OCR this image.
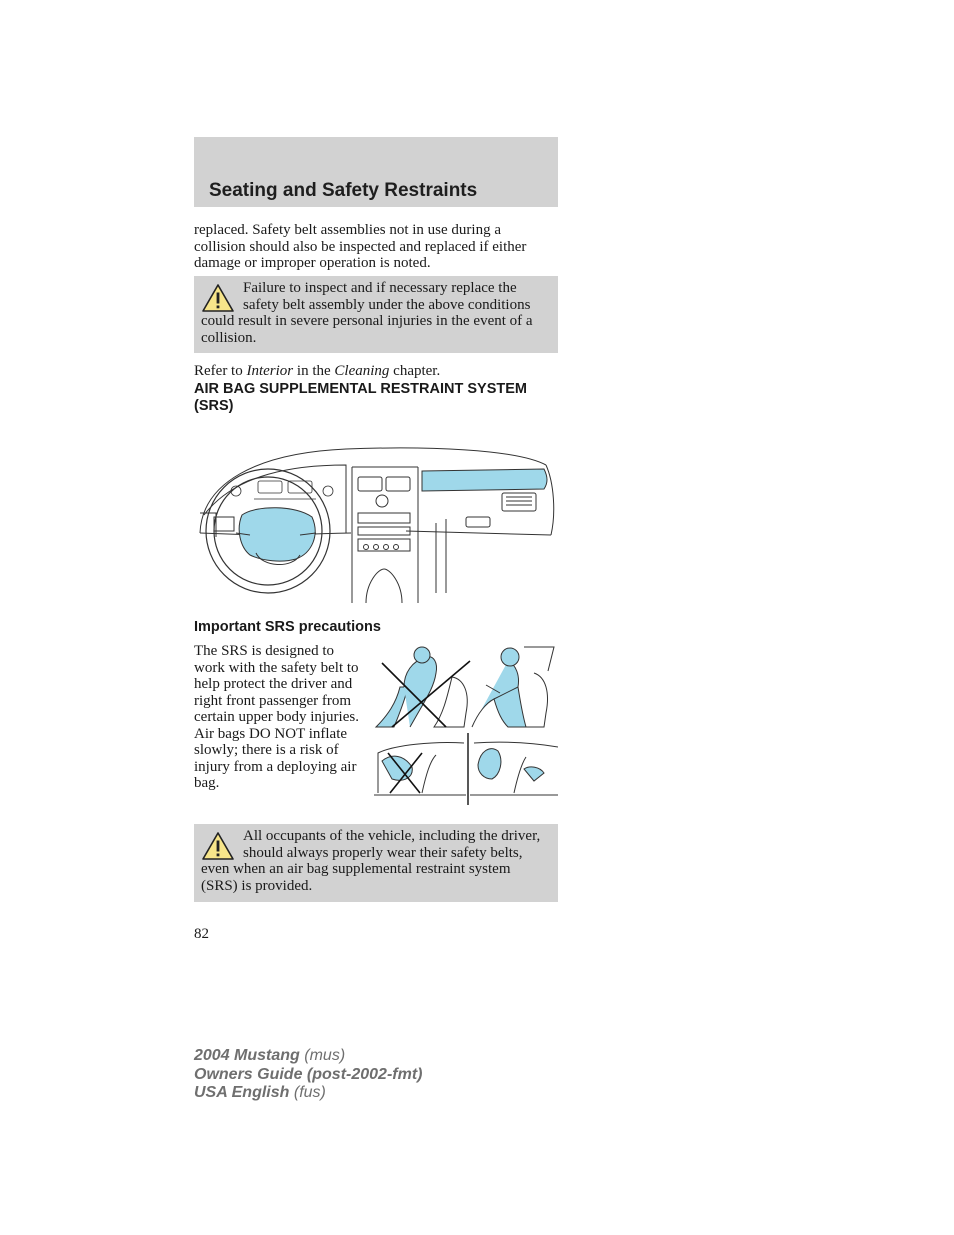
Seating and Safety Restraints
replaced. Safety belt assemblies not in use during a collision should also be inspected and replaced if either damage or improper operation is noted.
Failure to inspect and if necessary replace the safety belt assembly under the above conditions could result in severe personal injuries in the event of a collision.
Refer to Interior in the Cleaning chapter.
AIR BAG SUPPLEMENTAL RESTRAINT SYSTEM (SRS)
Important SRS precautions
The SRS is designed to work with the safety belt to help protect the driver and right front passenger from certain upper body injuries. Air bags DO NOT inflate slowly; there is a risk of injury from a deploying air bag.
All occupants of the vehicle, including the driver, should always properly wear their safety belts, even when an air bag supplemental restraint system (SRS) is provided.
82
2004 Mustang (mus)
Owners Guide (post-2002-fmt)
USA English (fus)
